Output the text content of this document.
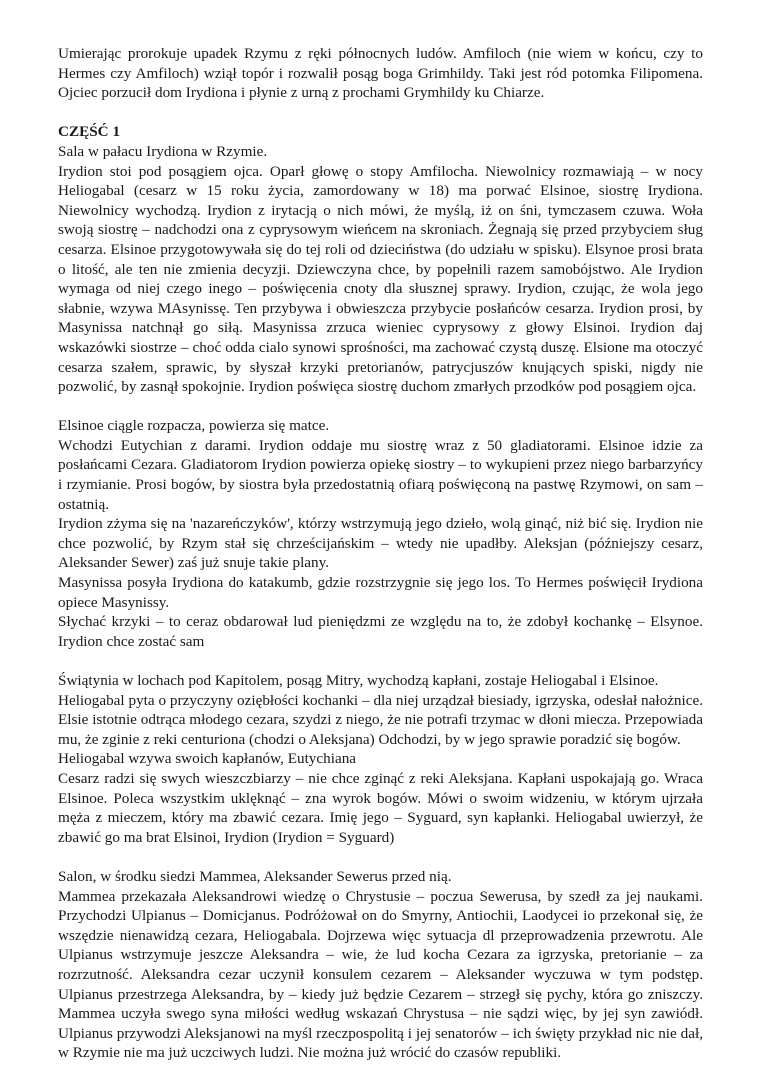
Umierając prorokuje upadek Rzymu z ręki północnych ludów. Amfiloch (nie wiem w końcu, czy to Hermes czy Amfiloch) wziął topór i rozwalił posąg boga Grimhildy. Taki jest ród potomka Filipomena. Ojciec porzucił dom Irydiona i płynie z urną z prochami Grymhildy ku Chiarze.

CZĘŚĆ 1

Sala w pałacu Irydiona w Rzymie.

Irydion stoi pod posągiem ojca. Oparł głowę o stopy Amfilocha. Niewolnicy rozmawiają – w nocy Heliogabal (cesarz w 15 roku życia, zamordowany w 18) ma porwać Elsinoe, siostrę Irydiona. Niewolnicy wychodzą. Irydion z irytacją o nich mówi, że myślą, iż on śni, tymczasem czuwa. Woła swoją siostrę – nadchodzi ona z cyprysowym wieńcem na skroniach. Żegnają się przed przybyciem sług cesarza. Elsinoe przygotowywała się do tej roli od dzieciństwa (do udziału w spisku). Elsynoe prosi brata o litość, ale ten nie zmienia decyzji. Dziewczyna chce, by popełnili razem samobójstwo. Ale Irydion wymaga od niej czego inego – poświęcenia cnoty dla słusznej sprawy. Irydion, czując, że wola jego słabnie, wzywa MAsynissę. Ten przybywa i obwieszcza przybycie posłańców cesarza. Irydion prosi, by Masynissa natchnął go siłą. Masynissa zrzuca wieniec cyprysowy z głowy Elsinoi. Irydion daj wskazówki siostrze – choć odda cialo synowi sprośności, ma zachować czystą duszę. Elsione ma otoczyć cesarza szałem, sprawic, by słyszał krzyki pretorianów, patrycjuszów knujących spiski, nigdy nie pozwolić, by zasnął spokojnie. Irydion poświęca siostrę duchom zmarłych przodków pod posągiem ojca.

Elsinoe ciągle rozpacza, powierza się matce.

Wchodzi Eutychian z darami. Irydion oddaje mu siostrę wraz z 50 gladiatorami. Elsinoe idzie za posłańcami Cezara. Gladiatorom Irydion powierza opiekę siostry – to wykupieni przez niego barbarzyńcy i rzymianie. Prosi bogów, by siostra była przedostatnią ofiarą poświęconą na pastwę Rzymowi, on sam – ostatnią.

Irydion zżyma się na 'nazareńczyków', którzy wstrzymują jego dzieło, wolą ginąć, niż bić się. Irydion nie chce pozwolić, by Rzym stał się chrześcijańskim – wtedy nie upadłby. Aleksjan (późniejszy cesarz, Aleksander Sewer) zaś już snuje takie plany.

Masynissa posyła Irydiona do katakumb, gdzie rozstrzygnie się jego los. To Hermes poświęcił Irydiona opiece Masynissy.

Słychać krzyki – to ceraz obdarował lud pieniędzmi ze względu na to, że zdobył kochankę – Elsynoe. Irydion chce zostać sam

Świątynia w lochach pod Kapitolem, posąg Mitry, wychodzą kapłani, zostaje Heliogabal i Elsinoe.

Heliogabal pyta o przyczyny oziębłości kochanki – dla niej urządzał biesiady, igrzyska, odesłał nałożnice. Elsie istotnie odtrąca młodego cezara, szydzi z niego, że nie potrafi trzymac w dłoni miecza. Przepowiada mu, że zginie z reki centuriona (chodzi o Aleksjana) Odchodzi, by w jego sprawie poradzić się bogów.

Heliogabal wzywa swoich kapłanów, Eutychiana

Cesarz radzi się swych wieszczbiarzy – nie chce zginąć z reki Aleksjana. Kapłani uspokajają go. Wraca Elsinoe. Poleca wszystkim uklęknąć – zna wyrok bogów. Mówi o swoim widzeniu, w którym ujrzała męża z mieczem, który ma zbawić cezara. Imię jego – Syguard, syn kapłanki. Heliogabal uwierzył, że zbawić go ma brat Elsinoi, Irydion (Irydion = Syguard)

Salon, w środku siedzi Mammea, Aleksander Sewerus przed nią.

Mammea przekazała Aleksandrowi wiedzę o Chrystusie – poczua Sewerusa, by szedł za jej naukami. Przychodzi Ulpianus – Domicjanus. Podróżował on do Smyrny, Antiochii, Laodycei io przekonał się, że wszędzie nienawidzą cezara, Heliogabala. Dojrzewa więc sytuacja dl przeprowadzenia przewrotu. Ale Ulpianus wstrzymuje jeszcze Aleksandra – wie, że lud kocha Cezara za igrzyska, pretorianie – za rozrzutność. Aleksandra cezar uczynił konsulem cezarem – Aleksander wyczuwa w tym podstęp. Ulpianus przestrzega Aleksandra, by – kiedy już będzie Cezarem – strzegł się pychy, która go zniszczy. Mammea uczyła swego syna miłości według wskazań Chrystusa – nie sądzi więc, by jej syn zawiódł. Ulpianus przywodzi Aleksjanowi na myśl rzeczpospolitą i jej senatorów – ich święty przykład nic nie dał, w Rzymie nie ma już uczciwych ludzi. Nie można już wrócić do czasów republiki.
